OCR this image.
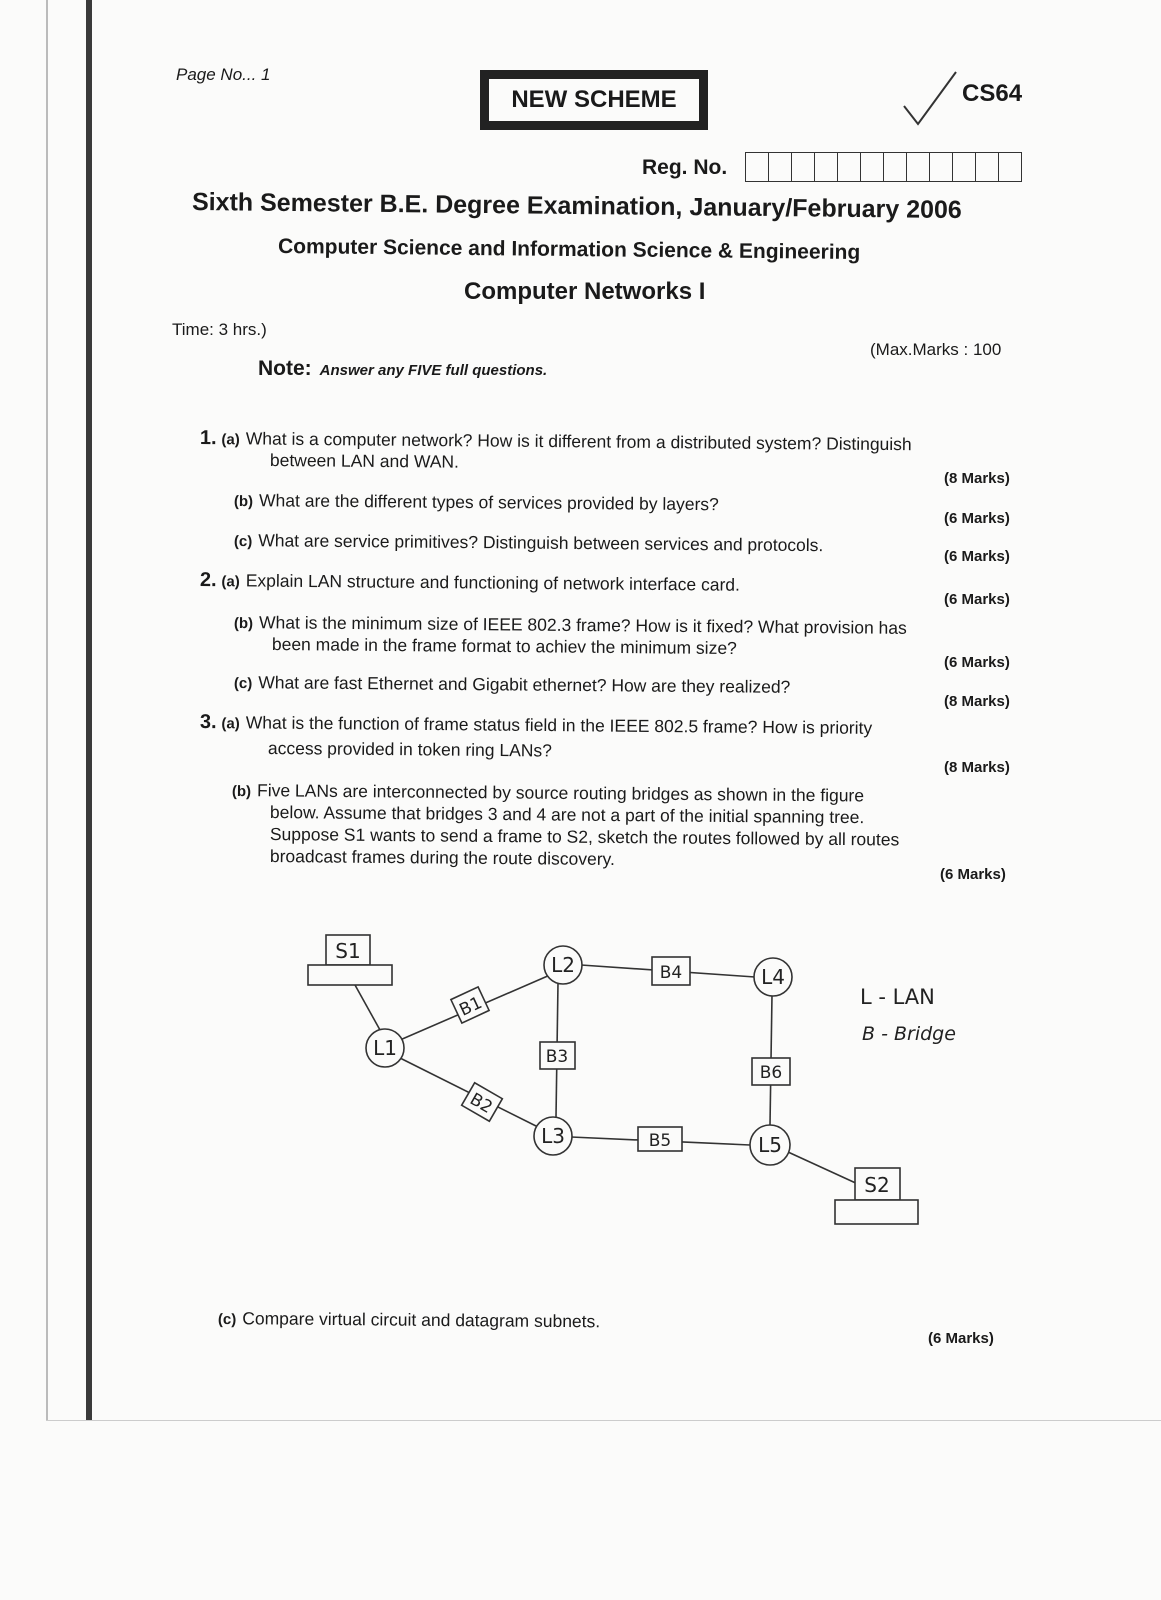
Page No... 1
NEW SCHEME	CS64
Reg. No.
Sixth Semester B.E. Degree Examination, January/February 2006
Computer Science and Information Science & Engineering
Computer Networks I
Time: 3 hrs.)
(Max.Marks : 100
Note: Answer any FIVE full questions.
1. (a) What is a computer network? How is it different from a distributed system? Distinguish
between LAN and WAN.
(8 Marks)
(b) What are the different types of services provided by layers?
(6 Marks)
(c) What are service primitives? Distinguish between services and protocols.
(6 Marks)
2. (a) Explain LAN structure and functioning of network interface card.
(6 Marks)
(b) What is the minimum size of IEEE 802.3 frame? How is it fixed? What provision has
been made in the frame format to achiev the minimum size?
(6 Marks)
(c) What are fast Ethernet and Gigabit ethernet? How are they realized?
(8 Marks)
3. (a) What is the function of frame status field in the IEEE 802.5 frame? How is priority
access provided in token ring LANs?
(8 Marks)
(b) Five LANs are interconnected by source routing bridges as shown in the figure
below. Assume that bridges 3 and 4 are not a part of the initial spanning tree.
Suppose S1 wants to send a frame to S2, sketch the routes followed by all routes
broadcast frames during the route discovery.
(6 Marks)
S1
L1
L2
L3
L4
L5
B1
B2
B3
B4
B5
B6
S2
L - LAN
B - Bridge
(c) Compare virtual circuit and datagram subnets.
(6 Marks)
